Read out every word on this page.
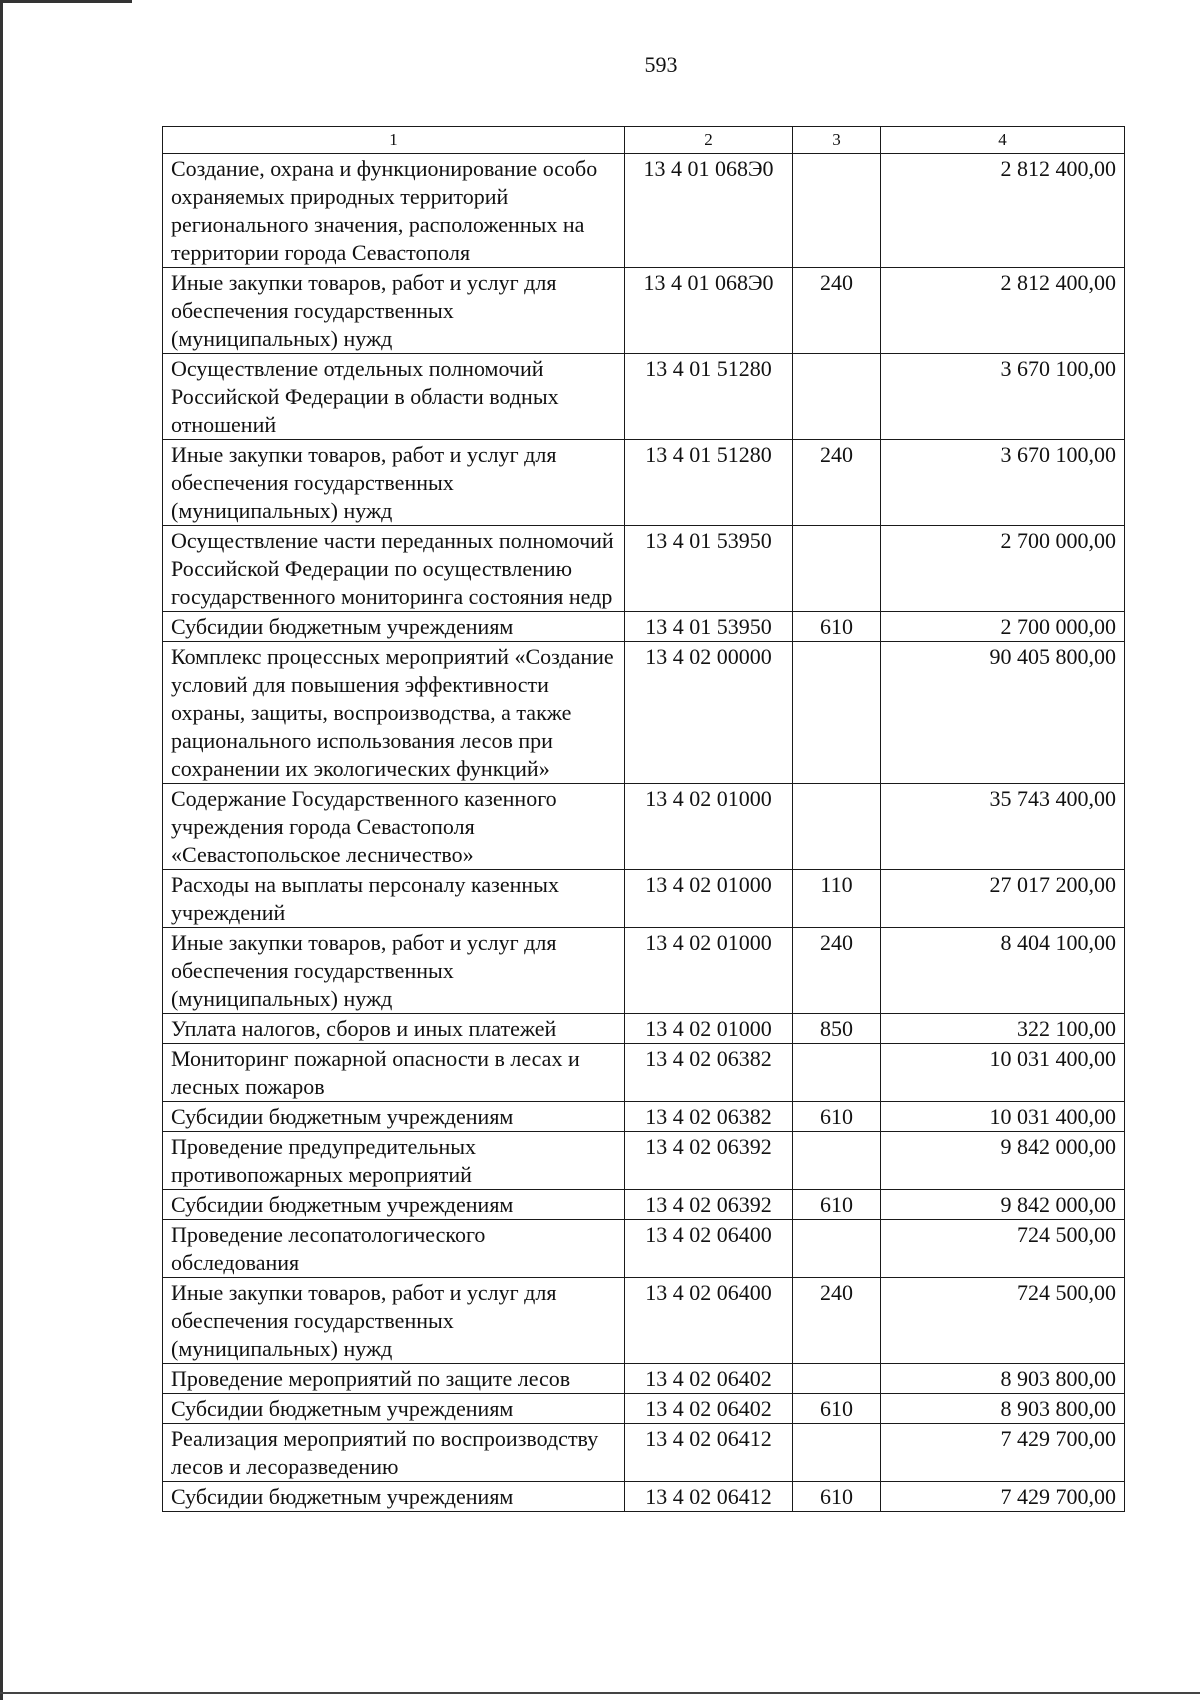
593
1	2	3	4
Создание, охрана и функционирование особо охраняемых природных территорий регионального значения, расположенных на территории города Севастополя	13 4 01 068Э0		2 812 400,00
Иные закупки товаров, работ и услуг для обеспечения государственных (муниципальных) нужд	13 4 01 068Э0	240	2 812 400,00
Осуществление отдельных полномочий Российской Федерации в области водных отношений	13 4 01 51280		3 670 100,00
Иные закупки товаров, работ и услуг для обеспечения государственных (муниципальных) нужд	13 4 01 51280	240	3 670 100,00
Осуществление части переданных полномочий Российской Федерации по осуществлению государственного мониторинга состояния недр	13 4 01 53950		2 700 000,00
Субсидии бюджетным учреждениям	13 4 01 53950	610	2 700 000,00
Комплекс процессных мероприятий «Создание условий для повышения эффективности охраны, защиты, воспроизводства, а также рационального использования лесов при сохранении их экологических функций»	13 4 02 00000		90 405 800,00
Содержание Государственного казенного учреждения города Севастополя «Севастопольское лесничество»	13 4 02 01000		35 743 400,00
Расходы на выплаты персоналу казенных учреждений	13 4 02 01000	110	27 017 200,00
Иные закупки товаров, работ и услуг для обеспечения государственных (муниципальных) нужд	13 4 02 01000	240	8 404 100,00
Уплата налогов, сборов и иных платежей	13 4 02 01000	850	322 100,00
Мониторинг пожарной опасности в лесах и лесных пожаров	13 4 02 06382		10 031 400,00
Субсидии бюджетным учреждениям	13 4 02 06382	610	10 031 400,00
Проведение предупредительных противопожарных мероприятий	13 4 02 06392		9 842 000,00
Субсидии бюджетным учреждениям	13 4 02 06392	610	9 842 000,00
Проведение лесопатологического обследования	13 4 02 06400		724 500,00
Иные закупки товаров, работ и услуг для обеспечения государственных (муниципальных) нужд	13 4 02 06400	240	724 500,00
Проведение мероприятий по защите лесов	13 4 02 06402		8 903 800,00
Субсидии бюджетным учреждениям	13 4 02 06402	610	8 903 800,00
Реализация мероприятий по воспроизводству лесов и лесоразведению	13 4 02 06412		7 429 700,00
Субсидии бюджетным учреждениям	13 4 02 06412	610	7 429 700,00
